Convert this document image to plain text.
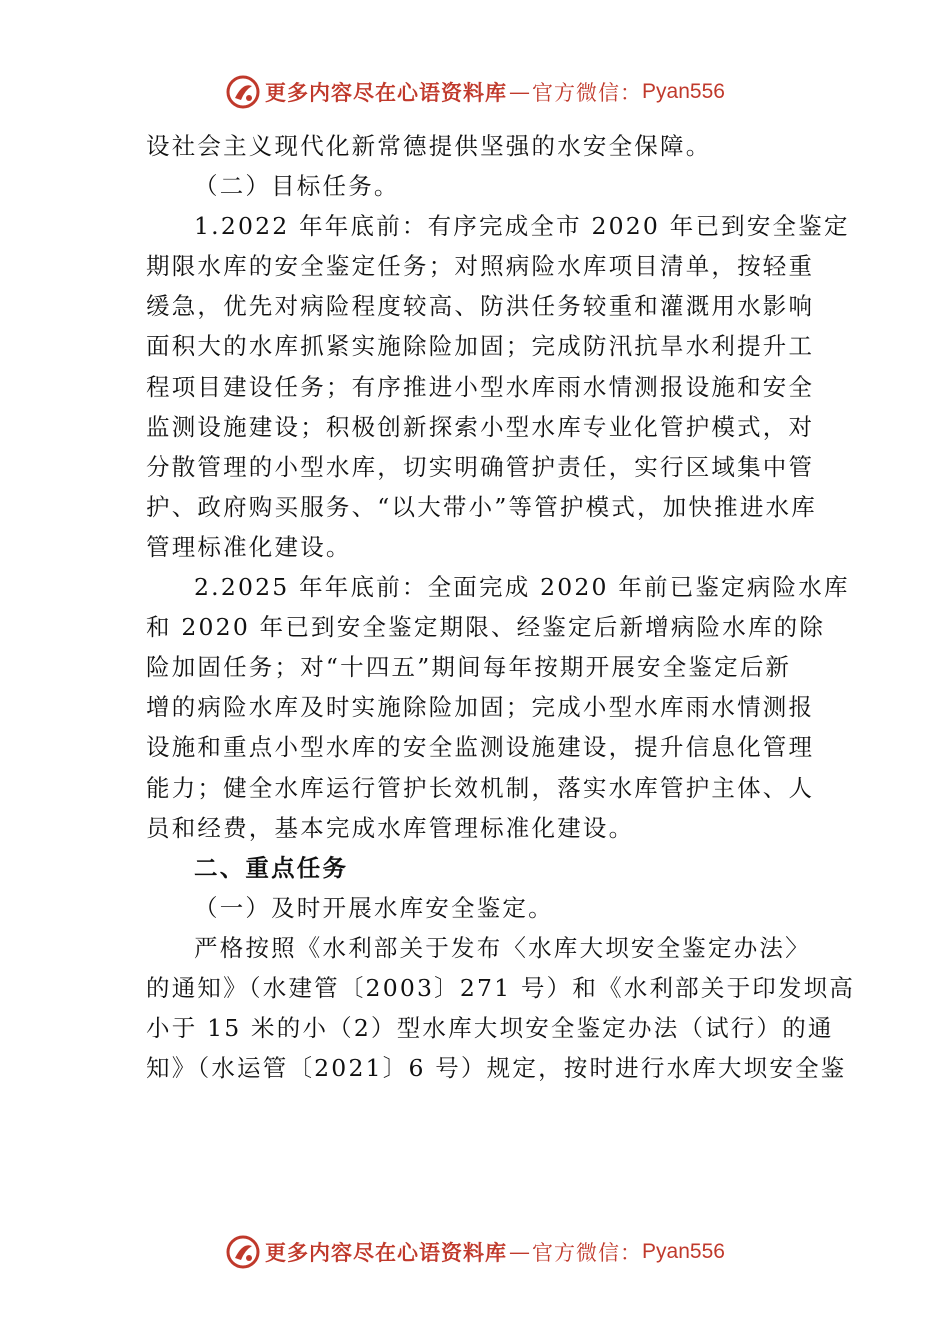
更多内容尽在心语资料库 — 官方微信： Pyan556
设社会主义现代化新常德提供坚强的水安全保障。
（二）目标任务。
1.2022 年年底前：有序完成全市 2020 年已到安全鉴定
期限水库的安全鉴定任务；对照病险水库项目清单，按轻重
缓急，优先对病险程度较高、防洪任务较重和灌溉用水影响
面积大的水库抓紧实施除险加固；完成防汛抗旱水利提升工
程项目建设任务；有序推进小型水库雨水情测报设施和安全
监测设施建设；积极创新探索小型水库专业化管护模式，对
分散管理的小型水库，切实明确管护责任，实行区域集中管
护、政府购买服务、“以大带小”等管护模式，加快推进水库
管理标准化建设。
2.2025 年年底前：全面完成 2020 年前已鉴定病险水库
和 2020 年已到安全鉴定期限、经鉴定后新增病险水库的除
险加固任务；对“十四五”期间每年按期开展安全鉴定后新
增的病险水库及时实施除险加固；完成小型水库雨水情测报
设施和重点小型水库的安全监测设施建设，提升信息化管理
能力；健全水库运行管护长效机制，落实水库管护主体、人
员和经费，基本完成水库管理标准化建设。
二、重点任务
（一）及时开展水库安全鉴定。
严格按照《水利部关于发布〈水库大坝安全鉴定办法〉
的通知》（水建管〔2003〕271 号）和《水利部关于印发坝高
小于 15 米的小（2）型水库大坝安全鉴定办法（试行）的通
知》（水运管〔2021〕6 号）规定，按时进行水库大坝安全鉴
更多内容尽在心语资料库 — 官方微信： Pyan556
